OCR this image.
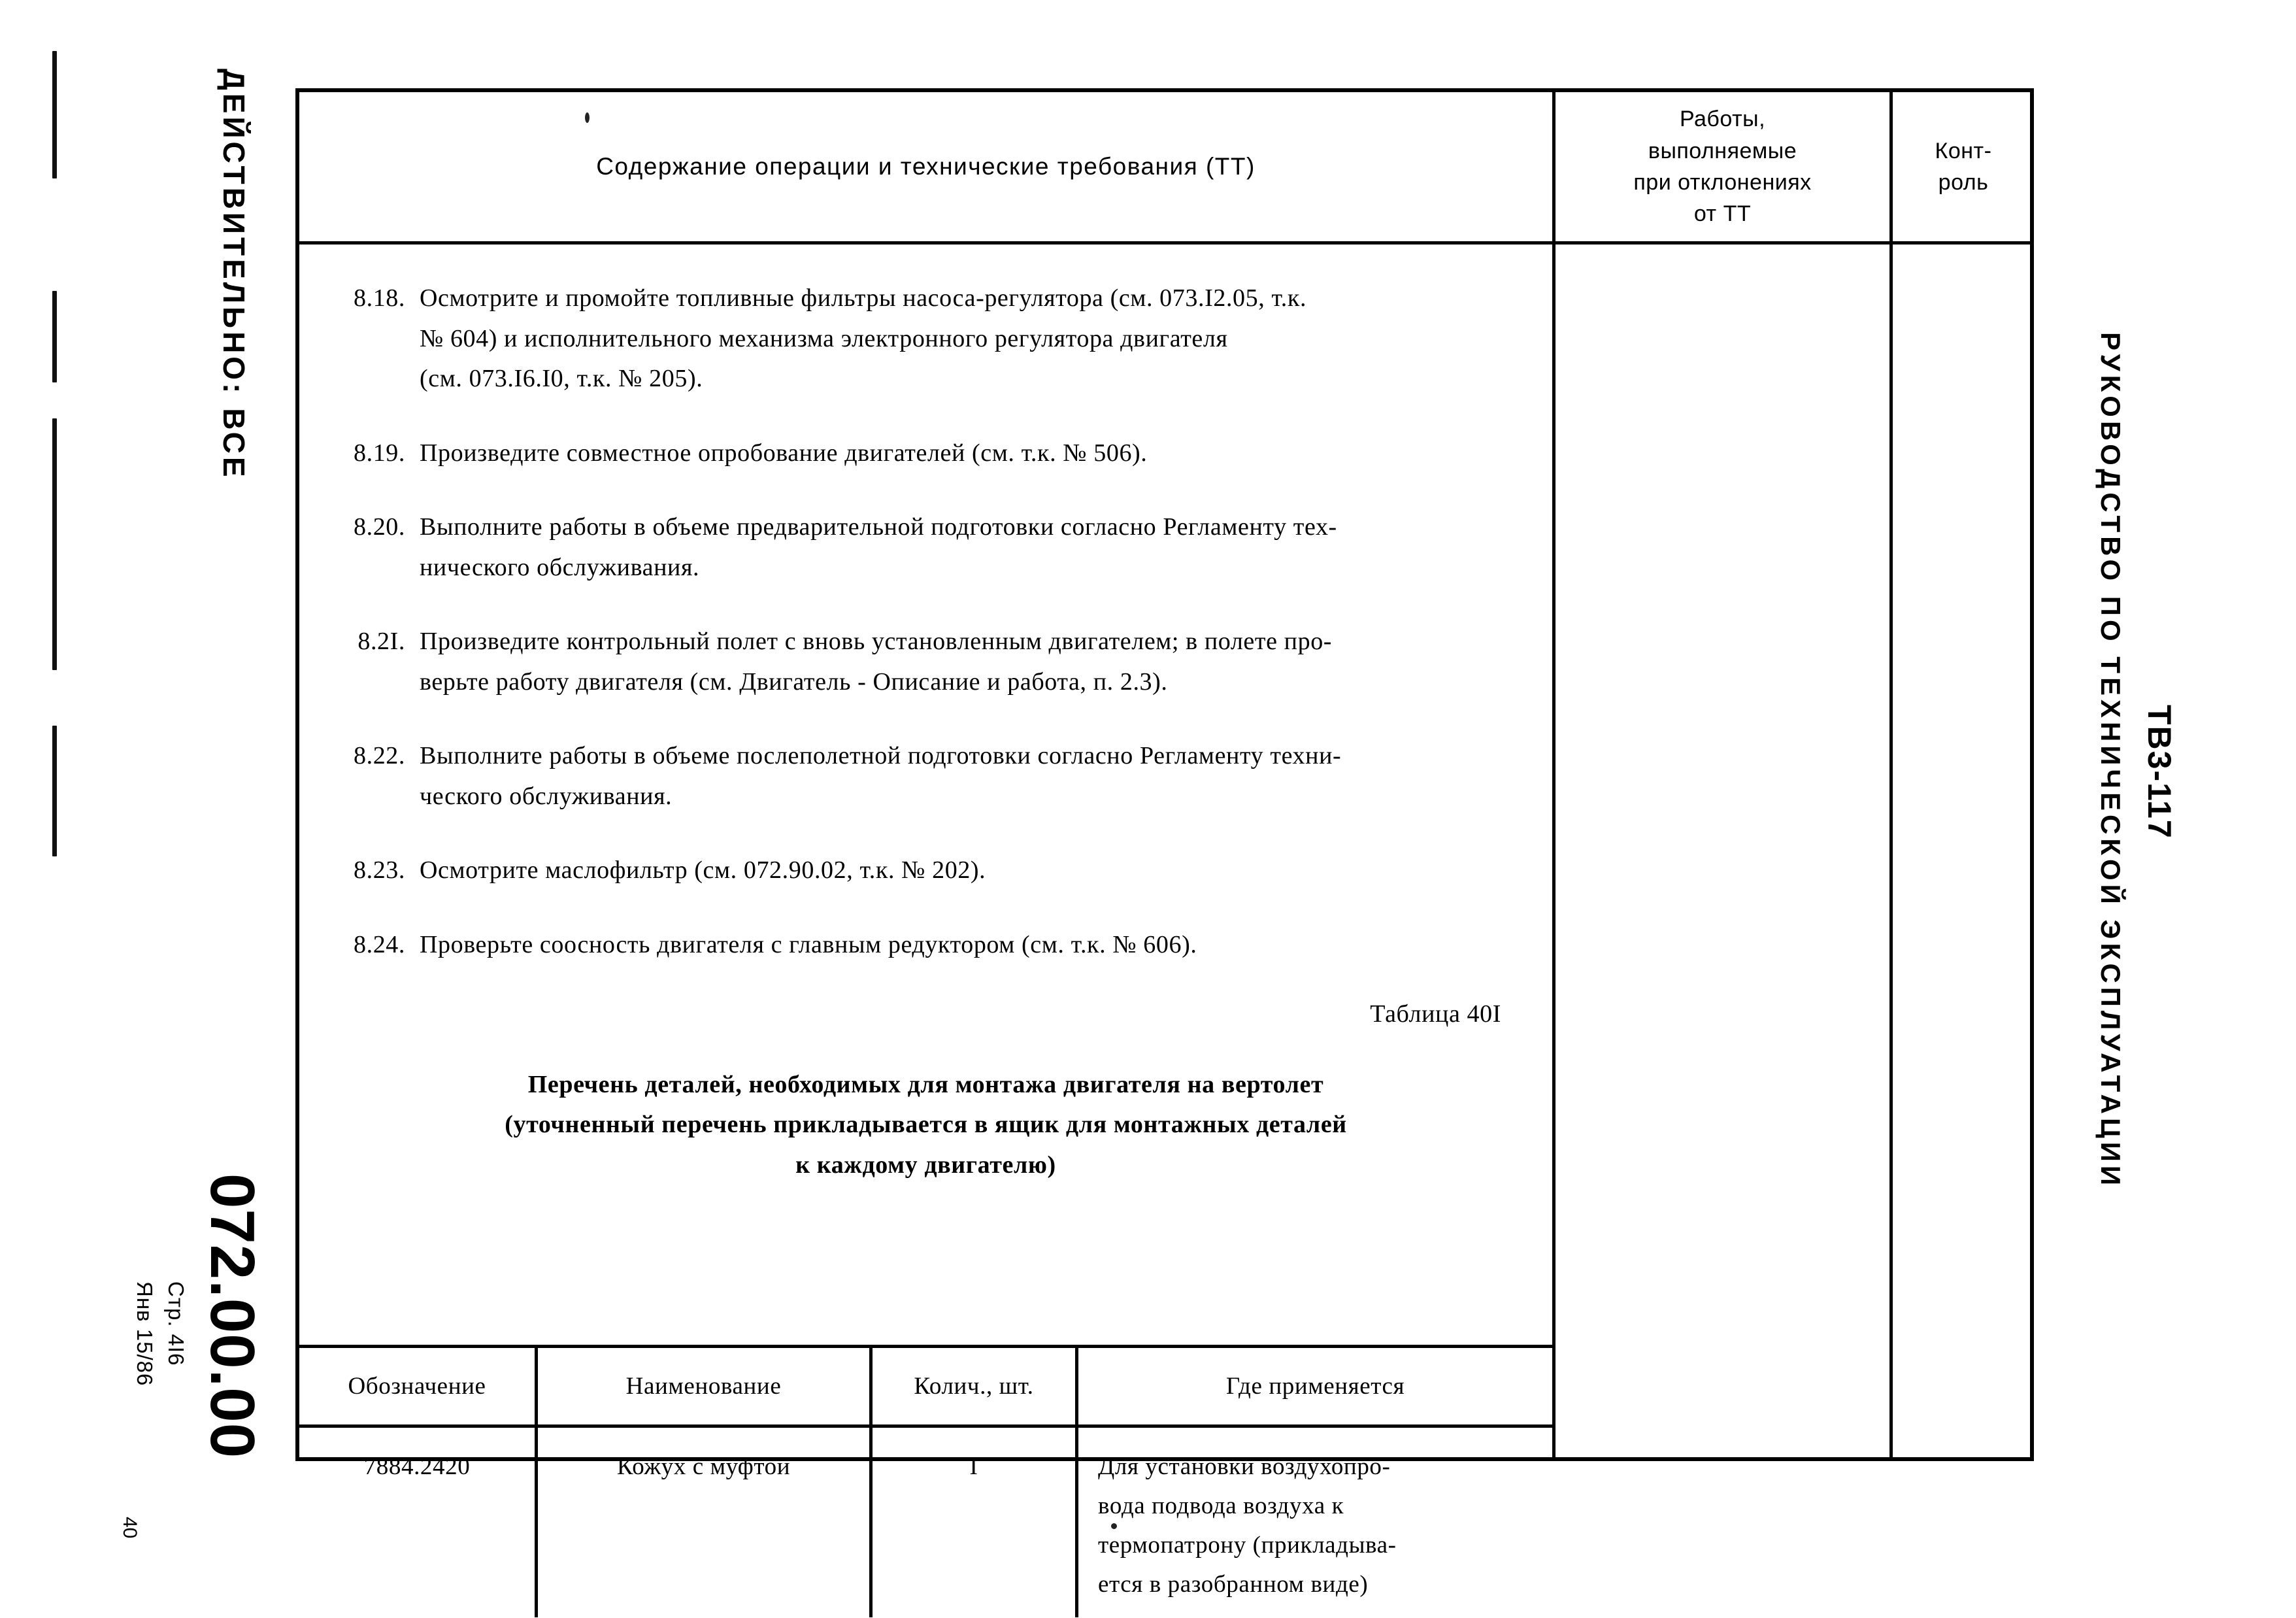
ДЕЙСТВИТЕЛЬНО: ВСЕ
072.00.00
Стр. 4I6
Янв 15/86
40
РУКОВОДСТВО ПО ТЕХНИЧЕСКОЙ ЭКСПЛУАТАЦИИ ТВ3-117
Содержание операции и технические требования (ТТ)
Работы,
выполняемые
при отклонениях
от ТТ
Конт-
роль
8.18. Осмотрите и промойте топливные фильтры насоса-регулятора (см. 073.I2.05, т.к.
№ 604) и исполнительного механизма электронного регулятора двигателя
(см. 073.I6.I0, т.к. № 205).
8.19. Произведите совместное опробование двигателей (см. т.к. № 506).
8.20. Выполните работы в объеме предварительной подготовки согласно Регламенту тех-
нического обслуживания.
8.2I. Произведите контрольный полет с вновь установленным двигателем; в полете про-
верьте работу двигателя (см. Двигатель - Описание и работа, п. 2.3).
8.22. Выполните работы в объеме послеполетной подготовки согласно Регламенту техни-
ческого обслуживания.
8.23. Осмотрите маслофильтр (см. 072.90.02, т.к. № 202).
8.24. Проверьте соосность двигателя с главным редуктором (см. т.к. № 606).
Таблица 40I
Перечень деталей, необходимых для монтажа двигателя на вертолет
(уточненный перечень прикладывается в ящик для монтажных деталей
к каждому двигателю)
Обозначение	Наименование	Колич., шт.	Где применяется
7884.2420	Кожух с муфтой	I	Для установки воздухопро-
вода подвода воздуха к
термопатрону (прикладыва-
ется в разобранном виде)
